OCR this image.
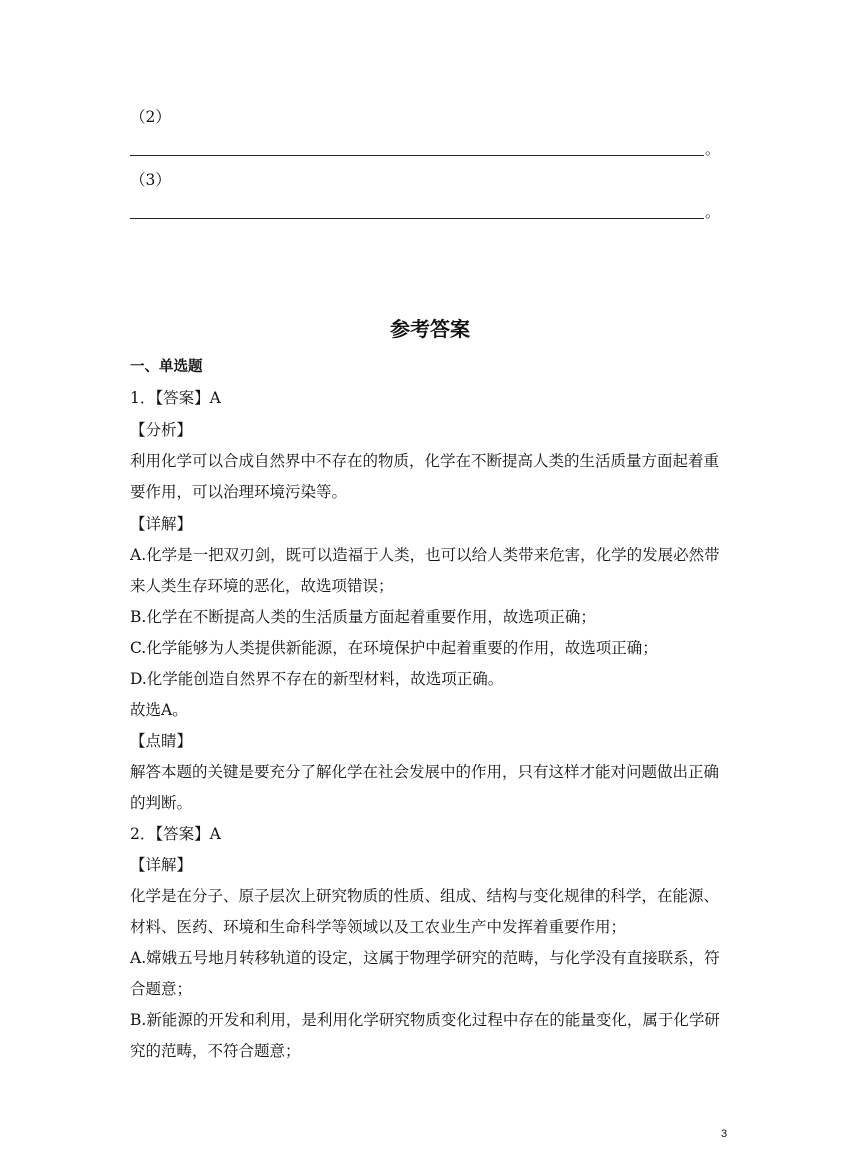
（2）
。
（3）
。
参考答案
一、单选题
1．【答案】A
【分析】
利用化学可以合成自然界中不存在的物质，化学在不断提高人类的生活质量方面起着重
要作用，可以治理环境污染等。
【详解】
A.化学是一把双刃剑，既可以造福于人类，也可以给人类带来危害，化学的发展必然带
来人类生存环境的恶化，故选项错误；
B.化学在不断提高人类的生活质量方面起着重要作用，故选项正确；
C.化学能够为人类提供新能源，在环境保护中起着重要的作用，故选项正确；
D.化学能创造自然界不存在的新型材料，故选项正确。
故选A。
【点睛】
解答本题的关键是要充分了解化学在社会发展中的作用，只有这样才能对问题做出正确
的判断。
2．【答案】A
【详解】
化学是在分子、原子层次上研究物质的性质、组成、结构与变化规律的科学，在能源、
材料、医药、环境和生命科学等领域以及工农业生产中发挥着重要作用；
A.嫦娥五号地月转移轨道的设定，这属于物理学研究的范畴，与化学没有直接联系，符
合题意；
B.新能源的开发和利用，是利用化学研究物质变化过程中存在的能量变化，属于化学研
究的范畴，不符合题意；
3
